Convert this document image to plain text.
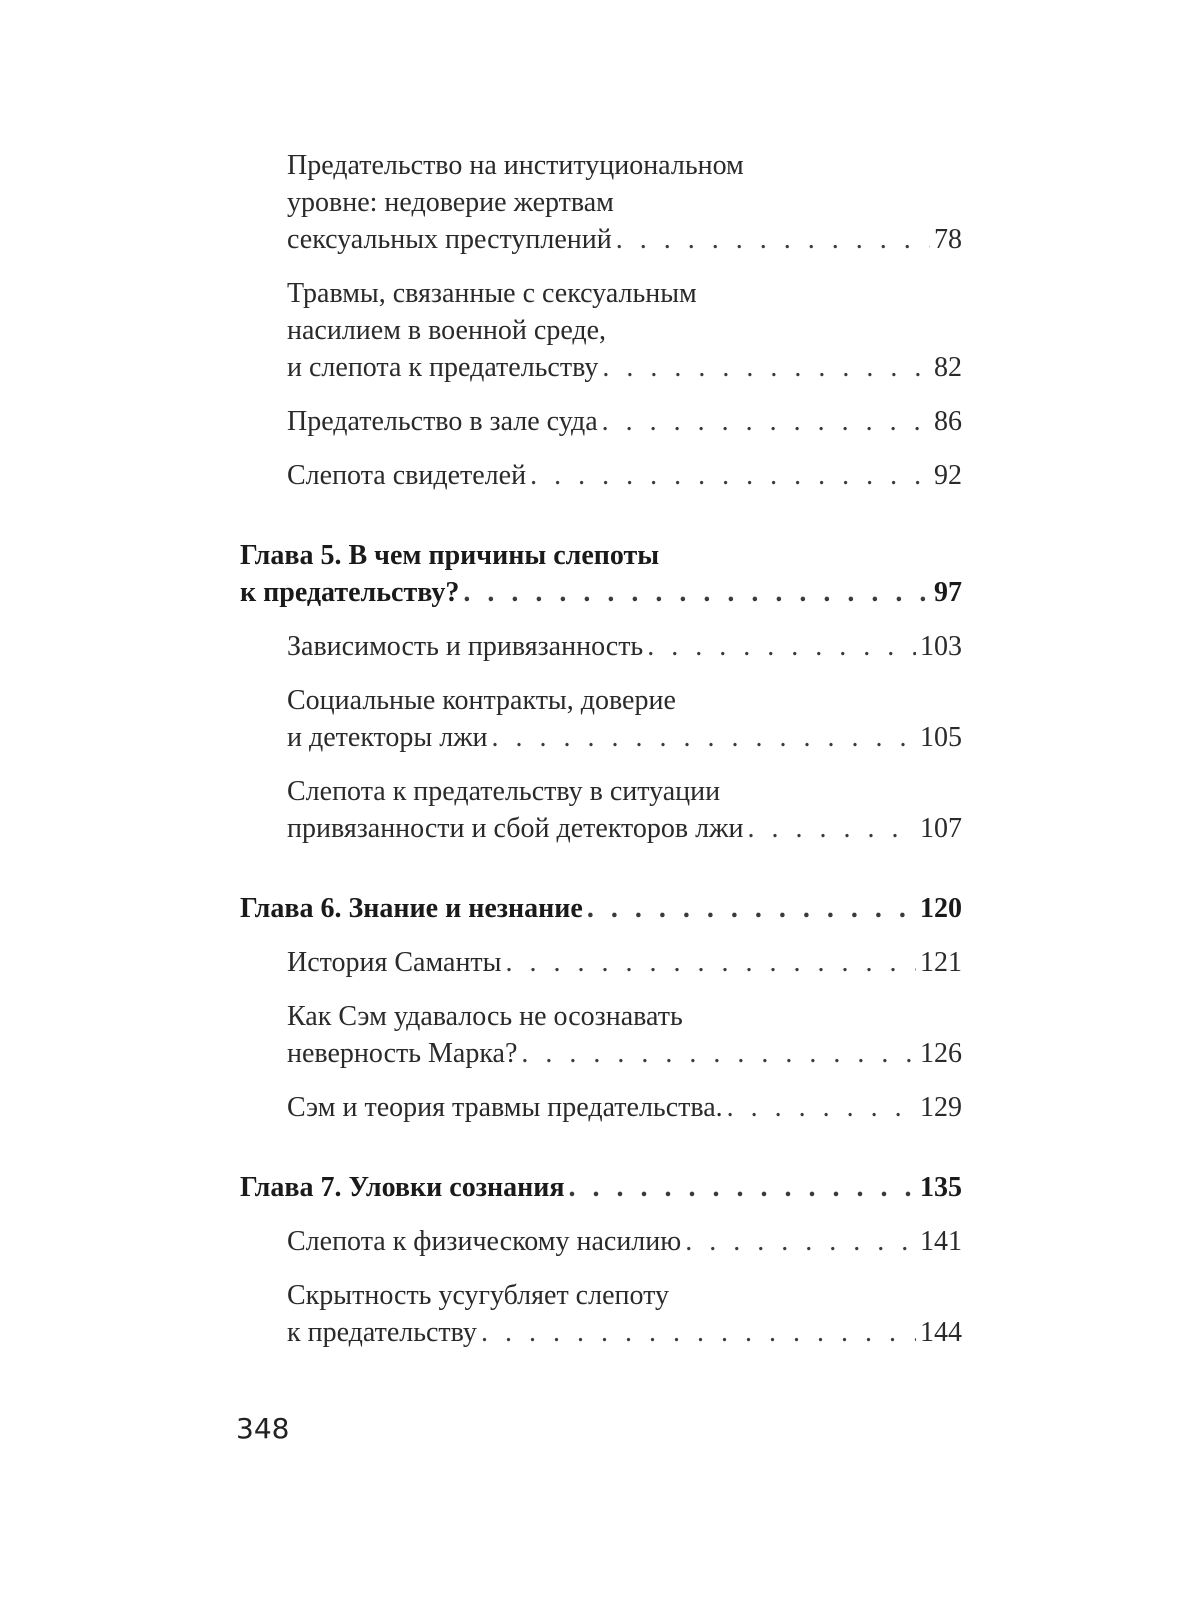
Предательство на институциональном
уровне: недоверие жертвам
сексуальных преступлений . . .	78
Травмы, связанные с сексуальным
насилием в военной среде,
и слепота к предательству . . .	82
Предательство в зале суда . . .	86
Слепота свидетелей . . .	92
Глава 5. В чем причины слепоты
к предательству? . . .	97
Зависимость и привязанность . . .	103
Социальные контракты, доверие
и детекторы лжи . . .	105
Слепота к предательству в ситуации
привязанности и сбой детекторов лжи . . .	107
Глава 6. Знание и незнание . . .	120
История Саманты . . .	121
Как Сэм удавалось не осознавать
неверность Марка? . . .	126
Сэм и теория травмы предательства. . . .	129
Глава 7. Уловки сознания . . .	135
Слепота к физическому насилию . . .	141
Скрытность усугубляет слепоту
к предательству . . .	144
348
